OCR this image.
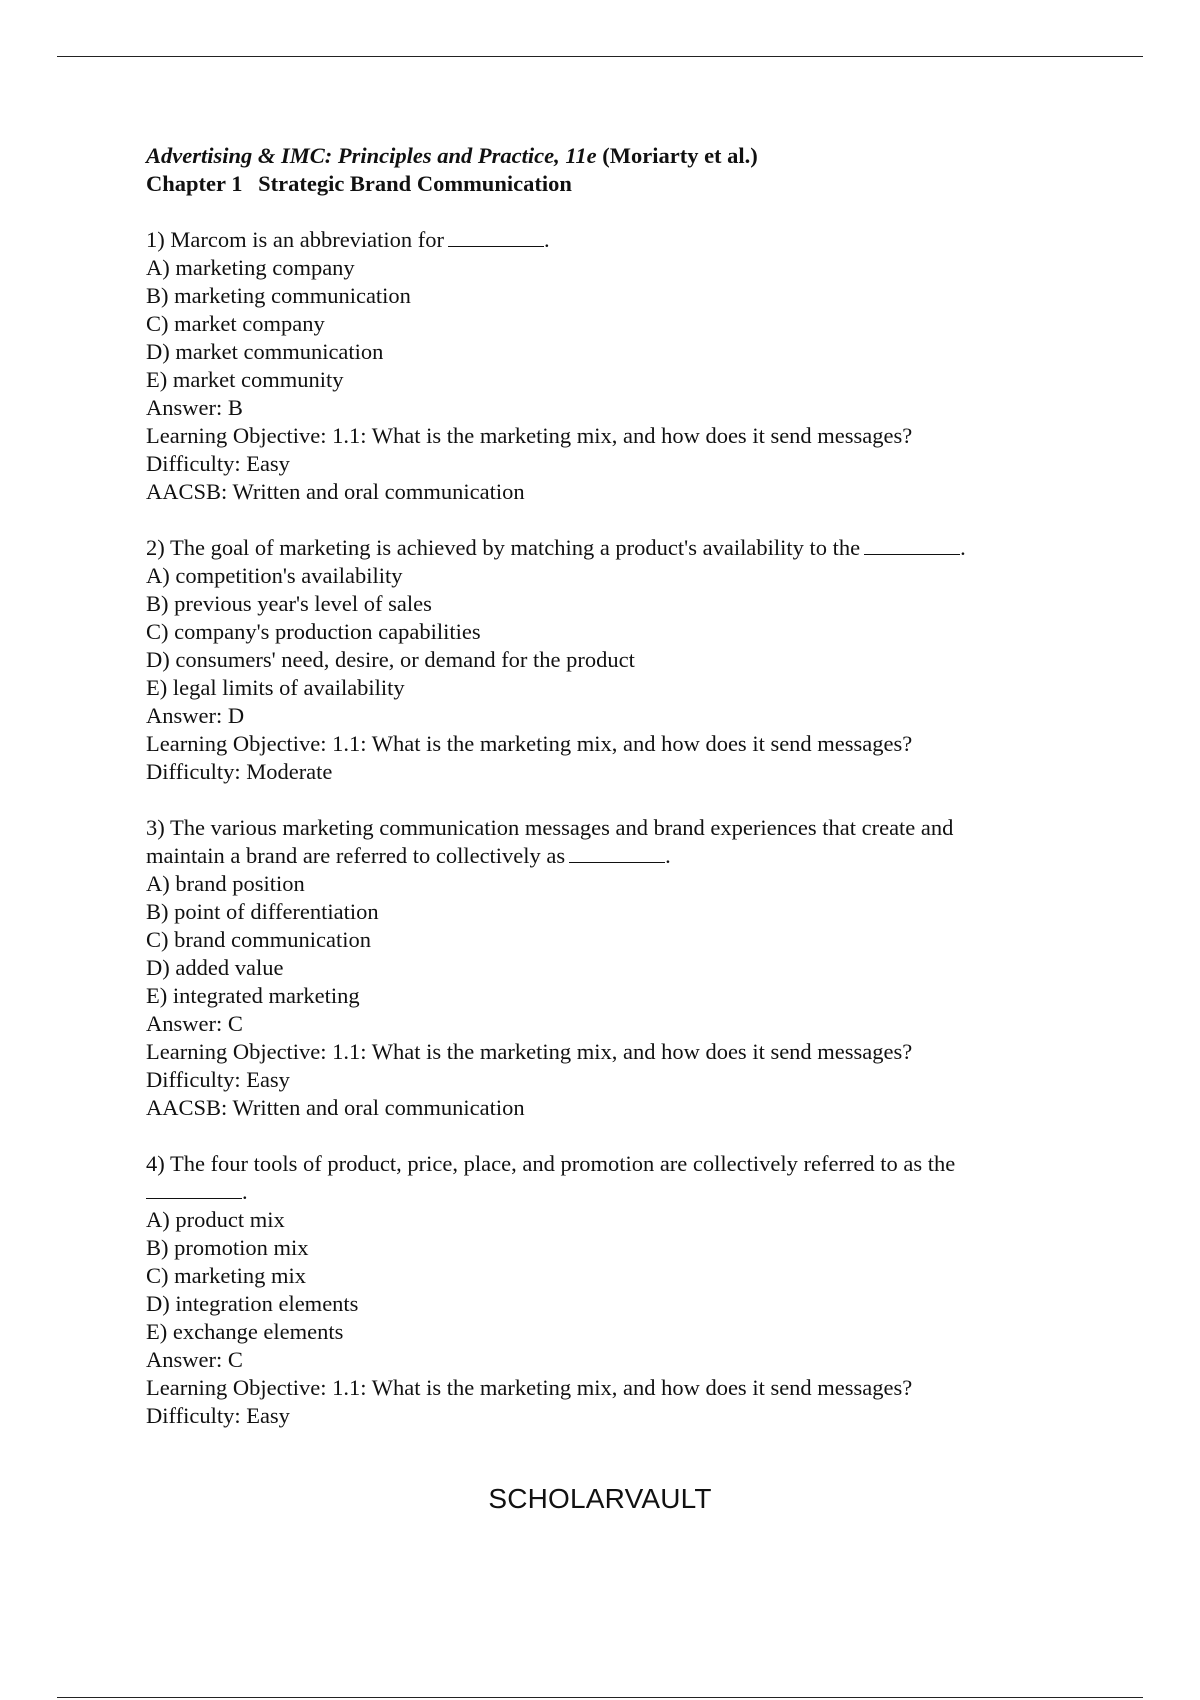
Advertising & IMC: Principles and Practice, 11e (Moriarty et al.)
Chapter 1 Strategic Brand Communication
1) Marcom is an abbreviation for	.
A) marketing company
B) marketing communication
C) market company
D) market communication
E) market community
Answer: B
Learning Objective: 1.1: What is the marketing mix, and how does it send messages?
Difficulty: Easy
AACSB: Written and oral communication
2) The goal of marketing is achieved by matching a product's availability to the	.
A) competition's availability
B) previous year's level of sales
C) company's production capabilities
D) consumers' need, desire, or demand for the product
E) legal limits of availability
Answer: D
Learning Objective: 1.1: What is the marketing mix, and how does it send messages?
Difficulty: Moderate
3) The various marketing communication messages and brand experiences that create and
maintain a brand are referred to collectively as	.
A) brand position
B) point of differentiation
C) brand communication
D) added value
E) integrated marketing
Answer: C
Learning Objective: 1.1: What is the marketing mix, and how does it send messages?
Difficulty: Easy
AACSB: Written and oral communication
4) The four tools of product, price, place, and promotion are collectively referred to as the
.
A) product mix
B) promotion mix
C) marketing mix
D) integration elements
E) exchange elements
Answer: C
Learning Objective: 1.1: What is the marketing mix, and how does it send messages?
Difficulty: Easy
SCHOLARVAULT
